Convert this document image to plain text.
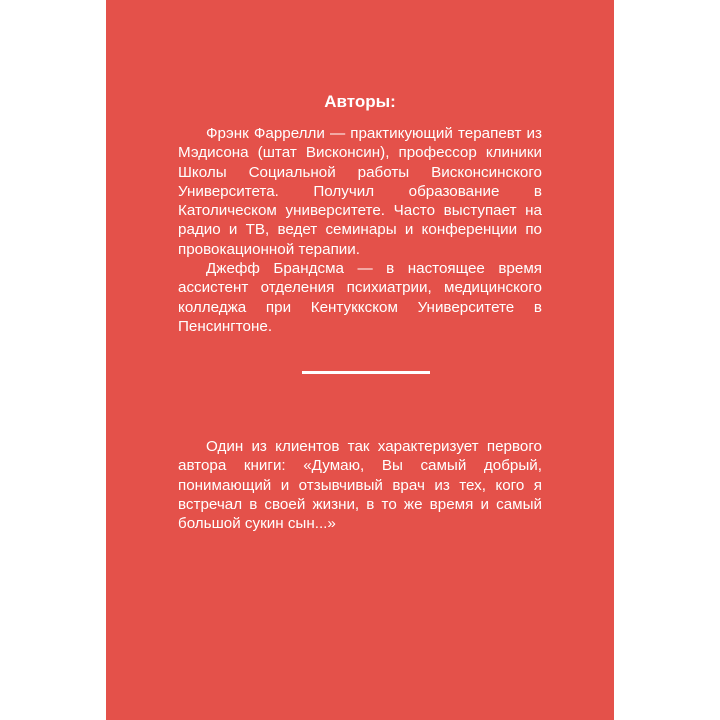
Авторы:

Фрэнк Фаррелли — практикующий терапевт из Мэдисона (штат Висконсин), профессор клиники Школы Социальной работы Висконсинского Университета. Получил образование в Католическом университете. Часто выступает на радио и ТВ, ведет семинары и конференции по провокационной терапии.

Джефф Брандсма — в настоящее время ассистент отделения психиатрии, медицинского колледжа при Кентуккском Университете в Пенсингтоне.

Один из клиентов так характеризует первого автора книги: «Думаю, Вы самый добрый, понимающий и отзывчивый врач из тех, кого я встречал в своей жизни, в то же время и самый большой сукин сын...»
